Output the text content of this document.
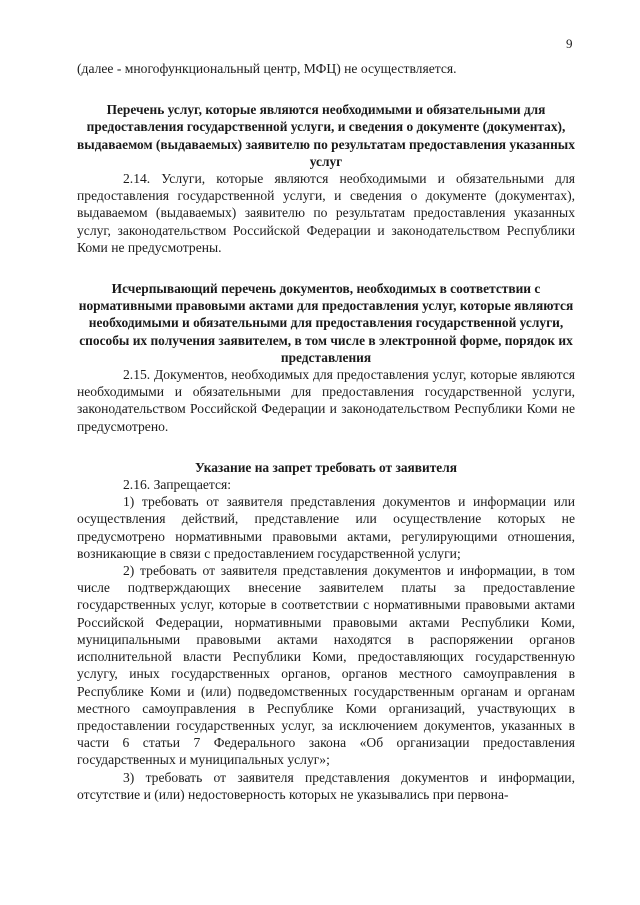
9

(далее - многофункциональный центр, МФЦ) не осуществляется.

Перечень услуг, которые являются необходимыми и обязательными для предоставления государственной услуги, и сведения о документе (документах), выдаваемом (выдаваемых) заявителю по результатам предоставления указанных услуг

2.14. Услуги, которые являются необходимыми и обязательными для предоставления государственной услуги, и сведения о документе (документах), выдаваемом (выдаваемых) заявителю по результатам предоставления указанных услуг, законодательством Российской Федерации и законодательством Республики Коми не предусмотрены.

Исчерпывающий перечень документов, необходимых в соответствии с нормативными правовыми актами для предоставления услуг, которые являются необходимыми и обязательными для предоставления государственной услуги, способы их получения заявителем, в том числе в электронной форме, порядок их представления

2.15. Документов, необходимых для предоставления услуг, которые являются необходимыми и обязательными для предоставления государственной услуги, законодательством Российской Федерации и законодательством Республики Коми не предусмотрено.

Указание на запрет требовать от заявителя

2.16. Запрещается:

1) требовать от заявителя представления документов и информации или осуществления действий, представление или осуществление которых не предусмотрено нормативными правовыми актами, регулирующими отношения, возникающие в связи с предоставлением государственной услуги;

2) требовать от заявителя представления документов и информации, в том числе подтверждающих внесение заявителем платы за предоставление государственных услуг, которые в соответствии с нормативными правовыми актами Российской Федерации, нормативными правовыми актами Республики Коми, муниципальными правовыми актами находятся в распоряжении органов исполнительной власти Республики Коми, предоставляющих государственную услугу, иных государственных органов, органов местного самоуправления в Республике Коми и (или) подведомственных государственным органам и органам местного самоуправления в Республике Коми организаций, участвующих в предоставлении государственных услуг, за исключением документов, указанных в части 6 статьи 7 Федерального закона «Об организации предоставления государственных и муниципальных услуг»;

3) требовать от заявителя представления документов и информации, отсутствие и (или) недостоверность которых не указывались при первона-
